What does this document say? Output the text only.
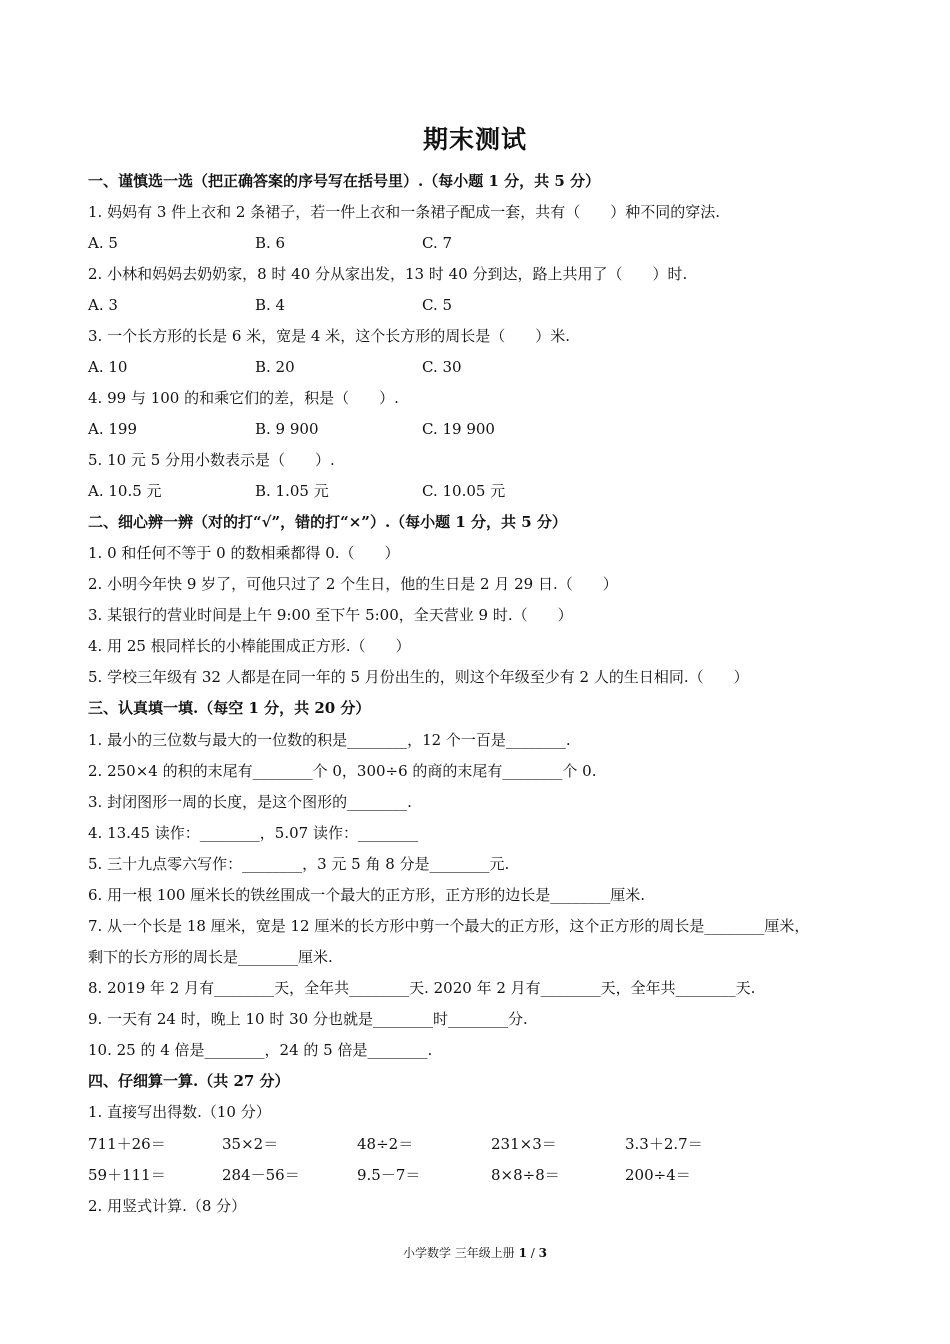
期末测试
一、谨慎选一选（把正确答案的序号写在括号里）.（每小题 1 分，共 5 分）
1. 妈妈有 3 件上衣和 2 条裙子，若一件上衣和一条裙子配成一套，共有（　　）种不同的穿法.
A. 5	B. 6	C. 7
2. 小林和妈妈去奶奶家，8 时 40 分从家出发，13 时 40 分到达，路上共用了（　　）时.
A. 3	B. 4	C. 5
3. 一个长方形的长是 6 米，宽是 4 米，这个长方形的周长是（　　）米.
A. 10	B. 20	C. 30
4. 99 与 100 的和乘它们的差，积是（　　）.
A. 199	B. 9 900	C. 19 900
5. 10 元 5 分用小数表示是（　　）.
A. 10.5 元	B. 1.05 元	C. 10.05 元
二、细心辨一辨（对的打“√”，错的打“×”）.（每小题 1 分，共 5 分）
1. 0 和任何不等于 0 的数相乘都得 0.（　　）
2. 小明今年快 9 岁了，可他只过了 2 个生日，他的生日是 2 月 29 日.（　　）
3. 某银行的营业时间是上午 9:00 至下午 5:00，全天营业 9 时.（　　）
4. 用 25 根同样长的小棒能围成正方形.（　　）
5. 学校三年级有 32 人都是在同一年的 5 月份出生的，则这个年级至少有 2 人的生日相同.（　　）
三、认真填一填.（每空 1 分，共 20 分）
1. 最小的三位数与最大的一位数的积是________，12 个一百是________.
2. 250×4 的积的末尾有________个 0，300÷6 的商的末尾有________个 0.
3. 封闭图形一周的长度，是这个图形的________.
4. 13.45 读作：________，5.07 读作：________
5. 三十九点零六写作：________，3 元 5 角 8 分是________元.
6. 用一根 100 厘米长的铁丝围成一个最大的正方形，正方形的边长是________厘米.
7. 从一个长是 18 厘米，宽是 12 厘米的长方形中剪一个最大的正方形，这个正方形的周长是________厘米，
剩下的长方形的周长是________厘米.
8. 2019 年 2 月有________天，全年共________天. 2020 年 2 月有________天，全年共________天.
9. 一天有 24 时，晚上 10 时 30 分也就是________时________分.
10. 25 的 4 倍是________，24 的 5 倍是________.
四、仔细算一算.（共 27 分）
1. 直接写出得数.（10 分）
711＋26＝	35×2＝	48÷2＝	231×3＝	3.3＋2.7＝
59＋111＝	284－56＝	9.5－7＝	8×8÷8＝	200÷4＝
2. 用竖式计算.（8 分）
小学数学 三年级上册 1 / 3
